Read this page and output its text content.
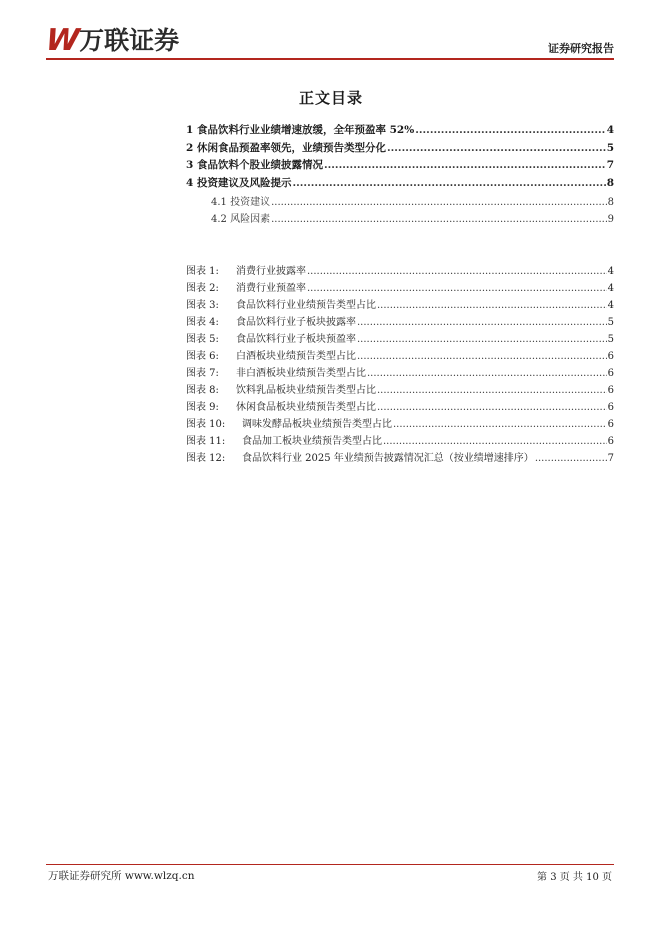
W 万联证券	证券研究报告
正文目录
1 食品饮料行业业绩增速放缓，全年预盈率 52% .....	4
2 休闲食品预盈率领先，业绩预告类型分化 .....	5
3 食品饮料个股业绩披露情况 .....	7
4 投资建议及风险提示 .....	8
4.1 投资建议 .....	8
4.2 风险因素 .....	9
图表 1: 消费行业披露率 .....	4
图表 2: 消费行业预盈率 .....	4
图表 3: 食品饮料行业业绩预告类型占比 .....	4
图表 4: 食品饮料行业子板块披露率 .....	5
图表 5: 食品饮料行业子板块预盈率 .....	5
图表 6: 白酒板块业绩预告类型占比 .....	6
图表 7: 非白酒板块业绩预告类型占比 .....	6
图表 8: 饮料乳品板块业绩预告类型占比 .....	6
图表 9: 休闲食品板块业绩预告类型占比 .....	6
图表 10: 调味发酵品板块业绩预告类型占比 .....	6
图表 11: 食品加工板块业绩预告类型占比 .....	6
图表 12: 食品饮料行业 2025 年业绩预告披露情况汇总（按业绩增速排序） .....	7
万联证券研究所 www.wlzq.cn	第 3 页 共 10 页
